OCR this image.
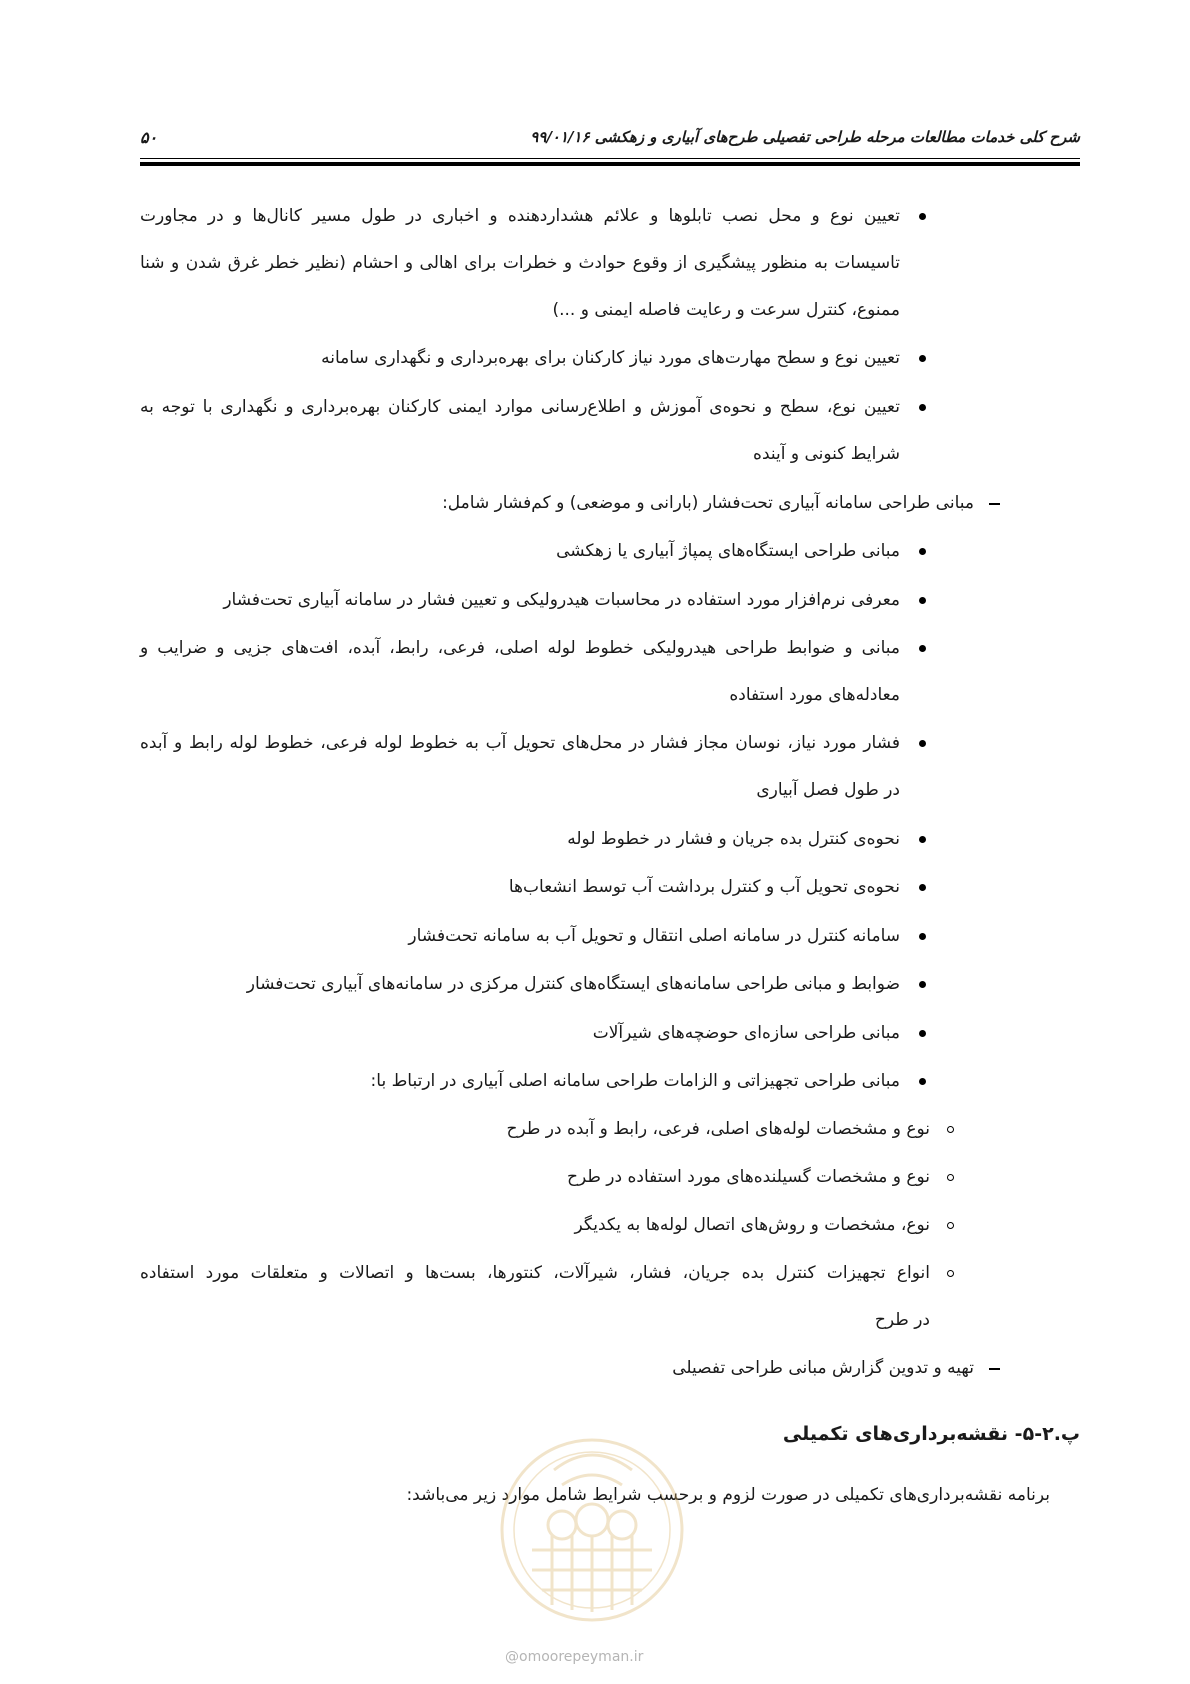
شرح کلی خدمات مطالعات مرحله طراحی تفصیلی طرح‌های آبیاری و زهکشی ۹۹/۰۱/۱۶
۵۰
تعیین نوع و محل نصب تابلوها و علائم هشداردهنده و اخباری در طول مسیر کانال‌ها و در مجاورت
تاسیسات به منظور پیشگیری از وقوع حوادث و خطرات برای اهالی و احشام (نظیر خطر غرق شدن و شنا
ممنوع، کنترل سرعت و رعایت فاصله ایمنی و ...)
تعیین نوع و سطح مهارت‌های مورد نیاز کارکنان برای بهره‌برداری و نگهداری سامانه
تعیین نوع، سطح و نحوه‌ی آموزش و اطلاع‌رسانی موارد ایمنی کارکنان بهره‌برداری و نگهداری با توجه به
شرایط کنونی و آینده
مبانی طراحی سامانه آبیاری تحت‌فشار (بارانی و موضعی) و کم‌فشار شامل:
مبانی طراحی ایستگاه‌های پمپاژ آبیاری یا زهکشی
معرفی نرم‌افزار مورد استفاده در محاسبات هیدرولیکی و تعیین فشار در سامانه آبیاری تحت‌فشار
مبانی و ضوابط طراحی هیدرولیکی خطوط لوله اصلی، فرعی، رابط، آبده، افت‌های جزیی و ضرایب و
معادله‌های مورد استفاده
فشار مورد نیاز، نوسان مجاز فشار در محل‌های تحویل آب به خطوط لوله فرعی، خطوط لوله رابط و آبده
در طول فصل آبیاری
نحوه‌ی کنترل بده جریان و فشار در خطوط لوله
نحوه‌ی تحویل آب و کنترل برداشت آب توسط انشعاب‌ها
سامانه کنترل در سامانه اصلی انتقال و تحویل آب به سامانه تحت‌فشار
ضوابط و مبانی طراحی سامانه‌های ایستگاه‌های کنترل مرکزی در سامانه‌های آبیاری تحت‌فشار
مبانی طراحی سازه‌ای حوضچه‌های شیرآلات
مبانی طراحی تجهیزاتی و الزامات طراحی سامانه اصلی آبیاری در ارتباط با:
نوع و مشخصات لوله‌های اصلی، فرعی، رابط و آبده در طرح
نوع و مشخصات گسیلنده‌های مورد استفاده در طرح
نوع، مشخصات و روش‌های اتصال لوله‌ها به یکدیگر
انواع تجهیزات کنترل بده جریان، فشار، شیرآلات، کنتورها، بست‌ها و اتصالات و متعلقات مورد استفاده
در طرح
تهیه و تدوین گزارش مبانی طراحی تفصیلی
پ.۲-۵- نقشه‌برداری‌های تکمیلی
برنامه نقشه‌برداری‌های تکمیلی در صورت لزوم و برحسب شرایط شامل موارد زیر می‌باشد:
@omoorepeyman.ir
